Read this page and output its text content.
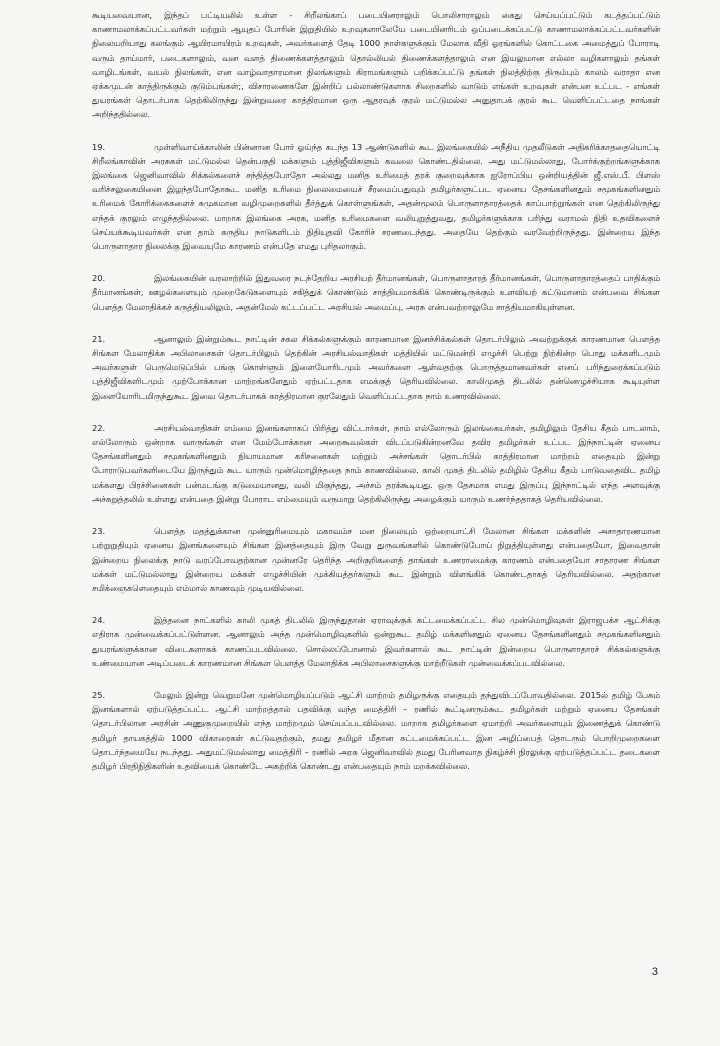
கூடியவையான, இந்தப் பட்டியலில் உள்ள - சிறீலங்காப் படையினராலும் பொலிசாராலும் கைது செய்யப்பட்டும் கடத்தப்பட்டும் காணாமலாக்கப்பட்டவர்கள் மற்றும் ஆயுதப் போரின் இறுதியில் உறவுகளாலேயே படையினரிடம் ஒப்படைக்கப்பட்டு காணாமலாக்கப்பட்டவர்களின் நிலையறியாது கலங்கும் ஆயிரமாயிரம் உறவுகள், அவர்களைத் தேடி 1000 நாள்களுக்கும் மேலாக வீதி ஓரங்களில் கொட்டகை அமைத்துப் போராடி வரும் தாய்மார், படைகளாலும், வன வளத் திணைக்களத்தாலும் தொல்லியல் திணைக்களத்தாலும் என இயலுமான எல்லா வழிகளாலும் தங்கள் வாழிடங்கள், வயல் நிலங்கள், என வாழ்வாதாரமான நிலங்களும் கிராமங்களும் பறிக்கப்பட்டு தங்கள் நிலத்திற்கு திரும்பும் காலம் வராதா என ஏக்கமுடன் காத்திருக்கும் குடும்பங்கள்;, விசாரணைகளே இன்றிப் பல்லாண்டுகளாக சிறைகளில் வாடும் எங்கள் உறவுகள் என்பன உட்பட - எங்கள் துயரங்கள் தொடர்பாக தெற்கிலிருந்து இன்றுவரை காத்திரமான ஒரு ஆதரவுக் குரல் மட்டுமல்ல அனுதாபக் குரல் கூட வெளிப்பட்டதை நாங்கள் அறிந்ததில்லை.

19.	முள்ளிவாய்க்காலின் பின்னான போர் ஓய்ந்த கடந்த 13 ஆண்டுகளில் கூட இலங்கையில் அநீதிய முதலீடுகள் அதிகரிக்காததையொட்டி சிறீலங்காவின் அரசுகள் மட்டுமல்ல தென்பகுதி மக்களும் புத்திஜீவிகளும் கவலை கொண்டதில்லை. அது மட்டுமல்லாது, போர்க்குற்றங்களுக்காக இலங்கை ஜெனிவாவில் சிக்கல்களைச் சந்தித்தபோதோ அல்லது மனித உரிமைத் தரக் குறைவுக்காக ஐரோப்பிய ஒன்றியத்தின் ஜீ.எஸ்.பீ. பிளஸ் வரிச்சலுகையினை இழந்தபோதோகூட மனித உரிமை நிலைமையைச் சீரமைப்பதுவும் தமிழர்களுட்பட ஏனைய தேசங்களினதும் சமூகங்களினதும் உரிமைக் கோரிக்கைகளைச் சுமுகமான வழிமுறைகளில் தீர்த்துக் கொள்ளுங்கள், அதன்மூலம் பொருளாதாரத்தைக் காப்பாற்றுங்கள் என தெற்கிலிருந்து எந்தக் குரலும் எழுந்ததில்லை. மாறாக இலங்கை அரசு, மனித உரிமைகளை வலியுறுத்துவது, தமிழர்களுக்காக பரிந்து வராமல் நிதி உதவிகளைச் செய்யக்கூடியவர்கள் என தாம் கருதிய நாடுகளிடம் நிதியுதவி கோரிச் சரணடைந்தது. அதையே தெற்கும் வரவேற்றிருந்தது. இன்றைய இந்த பொருளாதார நிலைக்கு இவையுமே காரணம் என்பதே எமது புரிதலாகும்.

20.	இலங்கையின் வரலாற்றில் இதுவரை நடந்தேறிய அரசியற் தீர்மானங்கள், பொருளாதாரத் தீர்மானங்கள், பொருளாதாரத்தைப் பாதிக்கும் தீர்மானங்கள், ஊழல்களையும் முறைகேடுகளையும் சகித்துக் கொண்டும் சாத்தியமாக்கிக் கொண்டிருக்கும் உளவியற் கட்டுமானம் என்பவை சிங்கள பௌத்த மேலாதிக்கச் கருத்தியலிலும், அதன்மேல் கட்டப்பட்ட அரசியல் அமைப்பு, அரசு என்பவற்றாலுமே சாத்தியமாகியுள்ளன.

21.	ஆனாலும் இன்றும்கூட நாட்டின் சகல சிக்கல்களுக்கும் காரணமான இனச்சிக்கல்கள் தொடர்பிலும் அவற்றுக்குக் காரணமான பௌத்த சிங்கள மேலாதிக்க அபிலாசைகள் தொடர்பிலும் தெற்கின் அரசியல்வாதிகள் மத்தியில் மட்டுமன்றி எழுச்சி பெற்று நிற்கின்ற பொது மக்களிடமும் அவர்களுள் பெருமெடுப்பில் பங்கு கொள்ளும் இளையோரிடமும் அவர்களை ஆள்வதற்கு பொருத்தமானவர்கள் எனப் பரிந்துரைக்கப்படும் புத்திஜீவிகளிடமும் முற்போக்கான மாற்றங்களேதும் ஏற்பட்டதாக எமக்குத் தெரியவில்லை. காலிமுகத் திடலில் தன்னெழுச்சியாக கூடியுள்ள இளையோரிடமிருந்துகூட இவை தொடர்பாகக் காத்திரமான குரலேதும் வெளிப்பட்டதாக நாம் உணரவில்லை.

22.	அரசியல்வாதிகள் எம்மை இனங்களாகப் பிரித்து விட்டார்கள், நாம் எல்லோரும் இலங்கையர்கள், தமிழிலும் தேசிய கீதம் பாடலாம், எல்லோரும் ஒன்றாக வாருங்கள் என மேம்போக்கான அறைகூவல்கள் விடப்படுகின்றனவே தவிர தமிழர்கள் உட்பட இந்நாட்டின் ஏனைய தேசங்களினதும் சமூகங்களினதும் நியாயமான கரிசனைகள் மற்றும் அச்சங்கள் தொடர்பில் காத்திரமான மாற்றம் எதையும் இன்று போராடுபவர்களிடையே இருந்தும் கூட யாரும் முன்மொழிந்ததை நாம் காணவில்லை. காலி முகத் திடலில் தமிழில் தேசிய கீதம் பாடுவதைவிட தமிழ் மக்களது பிரச்சினைகள் பன்மடங்கு கடுமையானது, வலி மிகுந்தது, அச்சம் தரக்கூடியது. ஒரு தேசமாக எமது இருப்பு இந்நாட்டில் எந்த அளவுக்கு அச்சுறுத்தலில் உள்ளது என்பதை இன்று போராட எம்மையும் வருமாறு தெற்கிலிருந்து அழைக்கும் யாரும் உணர்ந்ததாகத் தெரியவில்லை.

23.	பௌத்த மதத்துக்கான முன்னுரிமையும் மகாவம்ச மன நிலையும் ஒற்றையாட்சி மேலான சிங்கள மக்களின் அசாதாரணமான பற்றுறுதியும் ஏனைய இனங்களையும் சிங்கள இனத்தையும் இரு வேறு துருவங்களில் கொண்டுபோய் நிறுத்தியுள்ளது என்பதையோ, இவைதான் இன்றைய நிலைக்கு நாடு வரப்போவதற்கான முன்னரே தெரிந்த அறிகுறிகளைத் தாங்கள் உணராமைக்கு காரணம் என்பதையோ சாதாரண சிங்கள மக்கள் மட்டுமல்லாது இன்றைய மக்கள் எழுச்சியின் முக்கியத்தர்களும் கூட இன்றும் விளங்கிக் கொண்டதாகத் தெரியவில்லை. அதற்கான சமிக்ஞைகளெதையும் எம்மால் காணவும் முடியவில்லை.

24.	இத்தனை நாட்களில் காலி முகத் திடலில் இருந்துதான் ஏராவுக்குக் கட்டமைக்கப்பட்ட சில முன்மொழிவுகள் இராஜபக்ச ஆட்சிக்கு எதிராக முன்வைக்கப்பட்டுள்ளன. ஆனாலும் அந்த முன்மொழிவுகளில் ஒன்றுகூட தமிழ் மக்களினதும் ஏனைய தேசங்களினதும் சமூகங்களினதும் துயரங்களுக்கான விடைகளாகக் காணப்படவில்லை. சொல்லப்போனால் இவர்களால் கூட நாட்டின் இன்றைய பொருளாதாரச் சிக்கல்களுக்கு உண்மையான அடிப்படைக் காரணமான சிங்கள பௌத்த மேலாதிக்க அபிலாசைகளுக்கு மாற்றீடுகள் முன்வைக்கப்படவில்லை.

25.	மேலும் இன்று வெறுமனே முன்மொழியப்படும் ஆட்சி மாற்றம் தமிழருக்கு எதையும் தந்துவிடப்போவதில்லை. 2015ல் தமிழ் பேசும் இனங்களால் ஏற்படுத்தப்பட்ட ஆட்சி மாற்றத்தால் பதவிக்கு வந்த மைத்திரி – ரணில் கூட்டினரும்கூட தமிழர்கள் மற்றும் ஏனைய தேசங்கள் தொடர்பிலான அரசின் அணுகுமுறையில் எந்த மாற்றமும் செய்யப்படவில்லை. மாறாக தமிழர்களை ஏமாற்றி அவர்களையும் இணைத்துக் கொண்டு தமிழர் தாயகத்தில் 1000 விகாரைகள் கட்டுவதற்கும், தமது தமிழர் மீதான கட்டமைக்கப்பட்ட இன அழிப்பைத் தொடரும் பொறிமுறைகளை தொடர்ந்தமையே நடந்தது. அதுமட்டுமல்லாது மைத்திரி – ரணில் அரசு ஜெனிவாவில் தமது பேரினவாத நிகழ்ச்சி நிரலுக்கு ஏற்படுத்தப்பட்ட தடைகளை தமிழர் பிரதிநிதிகளின் உதவியைக் கொண்டே அகற்றிக் கொண்டது என்பதையும் நாம் மறக்கவில்லை.

3
